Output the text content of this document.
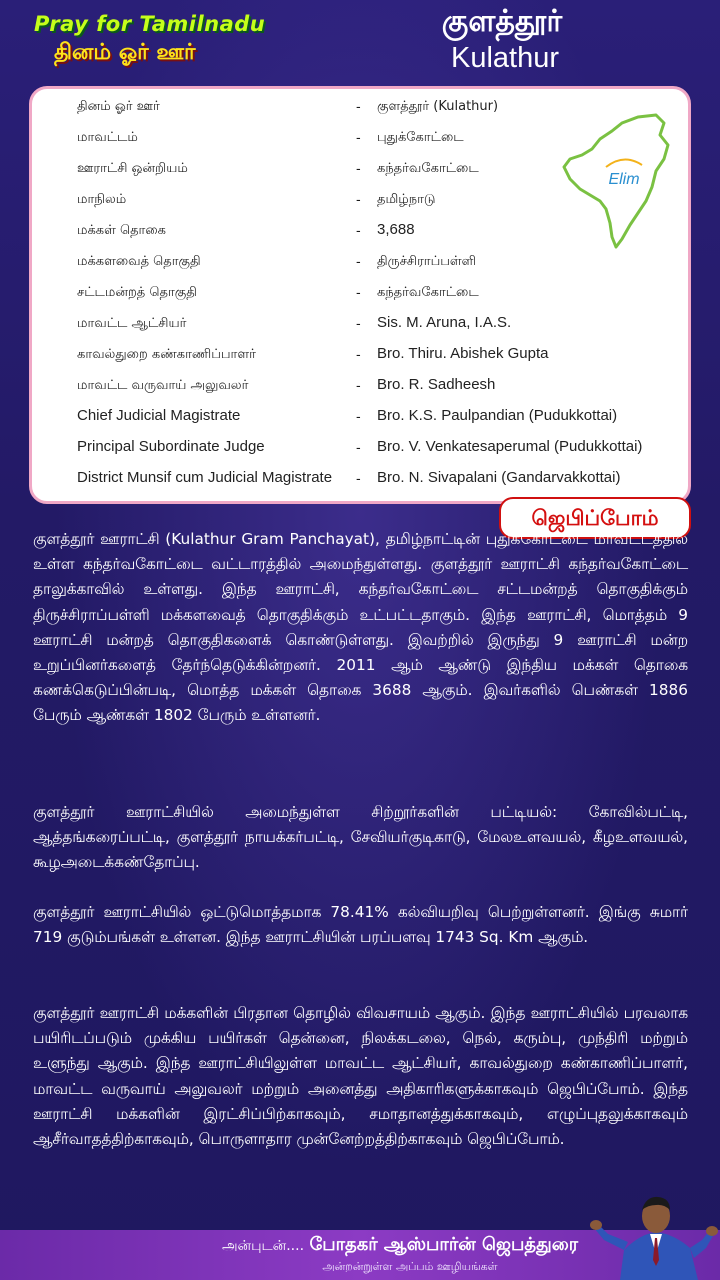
Pray for Tamilnadu
தினம் ஓர் ஊர்
குளத்தூர்
Kulathur
Elim
தினம் ஓர் ஊர்	- குளத்தூர் (Kulathur)
மாவட்டம்	- புதுக்கோட்டை
ஊராட்சி ஒன்றியம்	- கந்தர்வகோட்டை
மாநிலம்	- தமிழ்நாடு
மக்கள் தொகை	- 3,688
மக்களவைத் தொகுதி	- திருச்சிராப்பள்ளி
சட்டமன்றத் தொகுதி	- கந்தர்வகோட்டை
மாவட்ட ஆட்சியர்	- Sis. M. Aruna, I.A.S.
காவல்துறை கண்காணிப்பாளர்	- Bro. Thiru. Abishek Gupta
மாவட்ட வருவாய் அலுவலர்	- Bro. R. Sadheesh
Chief Judicial Magistrate	- Bro. K.S. Paulpandian (Pudukkottai)
Principal Subordinate Judge	- Bro. V. Venkatesaperumal (Pudukkottai)
District Munsif cum Judicial Magistrate - Bro. N. Sivapalani (Gandarvakkottai)
ஜெபிப்போம்
குளத்தூர் ஊராட்சி (Kulathur Gram Panchayat), தமிழ்நாட்டின் புதுக்கோட்டை மாவட்டத்தில் உள்ள கந்தர்வகோட்டை வட்டாரத்தில் அமைந்துள்ளது. குளத்தூர் ஊராட்சி கந்தர்வகோட்டை தாலுக்காவில் உள்ளது. இந்த ஊராட்சி, கந்தர்வகோட்டை சட்டமன்றத் தொகுதிக்கும் திருச்சிராப்பள்ளி மக்களவைத் தொகுதிக்கும் உட்பட்டதாகும். இந்த ஊராட்சி, மொத்தம் 9 ஊராட்சி மன்றத் தொகுதிகளைக் கொண்டுள்ளது. இவற்றில் இருந்து 9 ஊராட்சி மன்ற உறுப்பினர்களைத் தேர்ந்தெடுக்கின்றனர். 2011 ஆம் ஆண்டு இந்திய மக்கள் தொகை கணக்கெடுப்பின்படி, மொத்த மக்கள் தொகை 3688 ஆகும். இவர்களில் பெண்கள் 1886 பேரும் ஆண்கள் 1802 பேரும் உள்ளனர்.
குளத்தூர் ஊராட்சியில் அமைந்துள்ள சிற்றூர்களின் பட்டியல்: கோவில்பட்டி, ஆத்தங்கரைப்பட்டி, குளத்தூர் நாயக்கர்பட்டி, சேவியர்குடிகாடு, மேலஉளவயல், கீழஉளவயல், கூழஅடைக்கண்தோப்பு.
குளத்தூர் ஊராட்சியில் ஒட்டுமொத்தமாக 78.41% கல்வியறிவு பெற்றுள்ளனர். இங்கு சுமார் 719 குடும்பங்கள் உள்ளன. இந்த ஊராட்சியின் பரப்பளவு 1743 Sq. Km ஆகும்.
குளத்தூர் ஊராட்சி மக்களின் பிரதான தொழில் விவசாயம் ஆகும். இந்த ஊராட்சியில் பரவலாக பயிரிடப்படும் முக்கிய பயிர்கள் தென்னை, நிலக்கடலை, நெல், கரும்பு, முந்திரி மற்றும் உளுந்து ஆகும். இந்த ஊராட்சியிலுள்ள மாவட்ட ஆட்சியர், காவல்துறை கண்காணிப்பாளர், மாவட்ட வருவாய் அலுவலர் மற்றும் அனைத்து அதிகாரிகளுக்காகவும் ஜெபிப்போம். இந்த ஊராட்சி மக்களின் இரட்சிப்பிற்காகவும், சமாதானத்துக்காகவும், எழுப்புதலுக்காகவும் ஆசீர்வாதத்திற்காகவும், பொருளாதார முன்னேற்றத்திற்காகவும் ஜெபிப்போம்.
அன்புடன்.... போதகர் ஆஸ்பார்ன் ஜெபத்துரை
அன்றன்றுள்ள அப்பம் ஊழியங்கள்
